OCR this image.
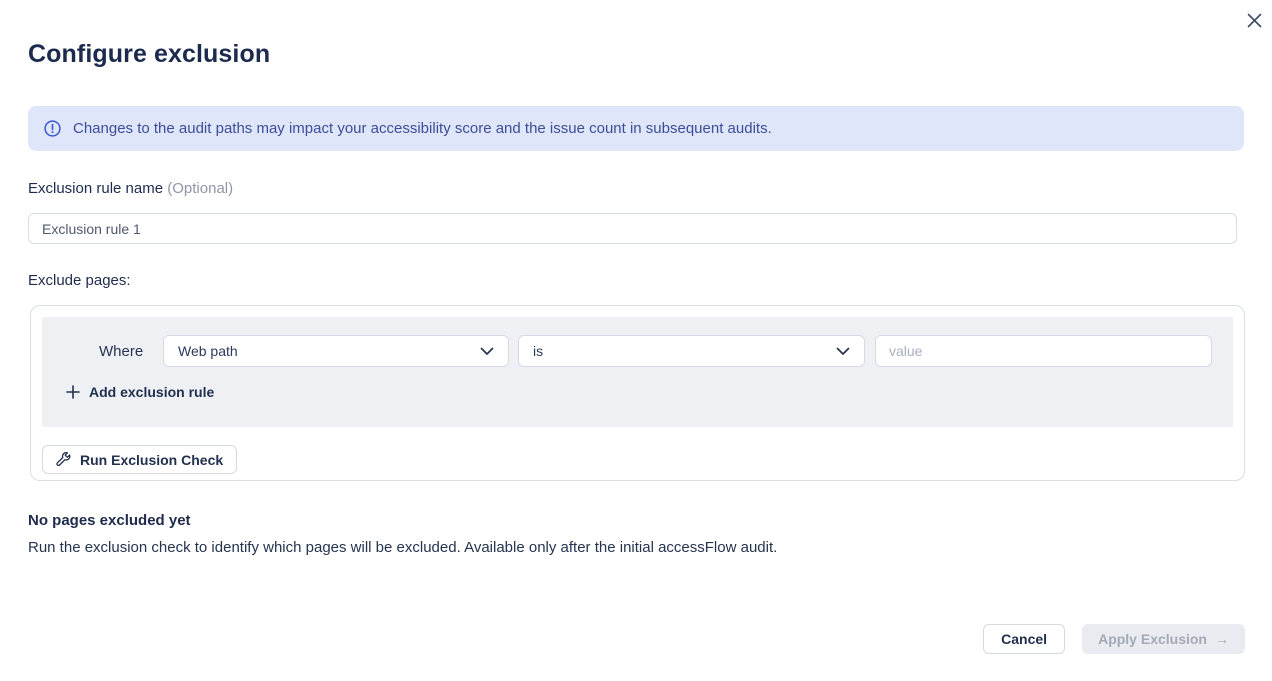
Configure exclusion
Changes to the audit paths may impact your accessibility score and the issue count in subsequent audits.
Exclusion rule name (Optional)
Exclusion rule 1
Exclude pages:
Where Web path	is
value
Add exclusion rule
Run Exclusion Check
No pages excluded yet
Run the exclusion check to identify which pages will be excluded. Available only after the initial accessFlow audit.
Cancel	Apply Exclusion →
